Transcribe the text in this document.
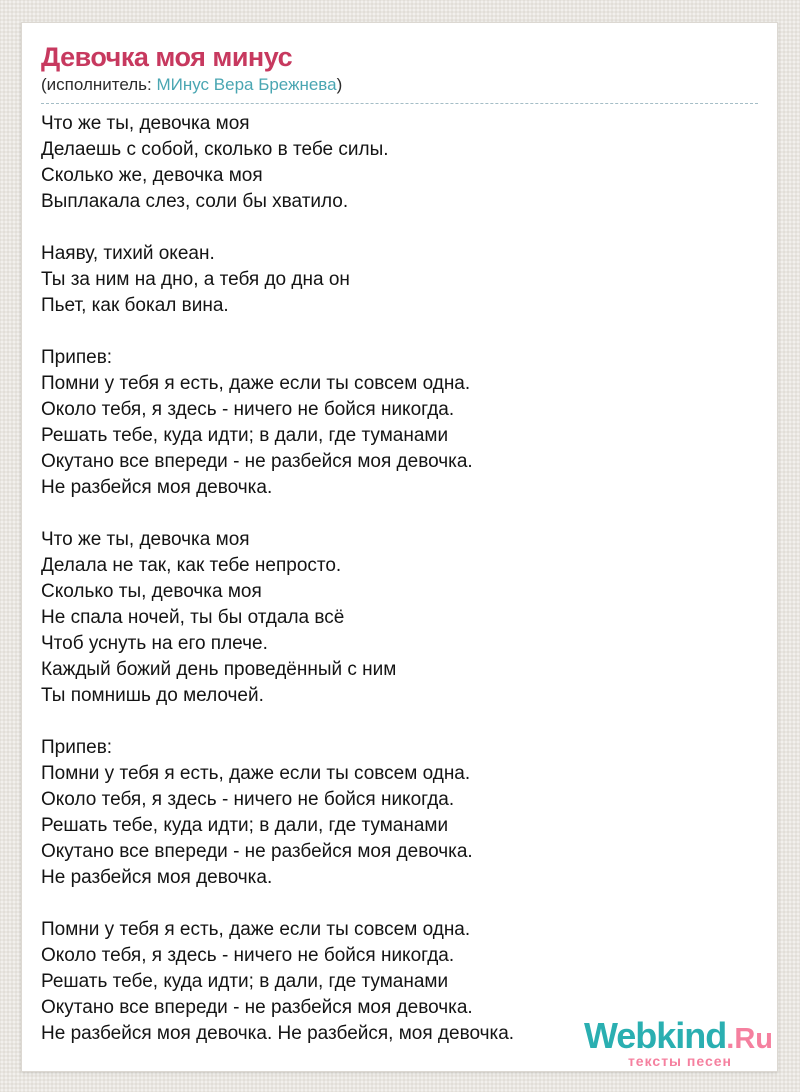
Девочка моя минус
(исполнитель: МИнус Вера Брежнева)

Что же ты, девочка моя
Делаешь с собой, сколько в тебе силы.
Сколько же, девочка моя
Выплакала слез, соли бы хватило.

Наяву, тихий океан.
Ты за ним на дно, а тебя до дна он
Пьет, как бокал вина.

Припев:
Помни у тебя я есть, даже если ты совсем одна.
Около тебя, я здесь - ничего не бойся никогда.
Решать тебе, куда идти; в дали, где туманами
Окутано все впереди - не разбейся моя девочка.
Не разбейся моя девочка.

Что же ты, девочка моя
Делала не так, как тебе непросто.
Сколько ты, девочка моя
Не спала ночей, ты бы отдала всё
Чтоб уснуть на его плече.
Каждый божий день проведённый с ним
Ты помнишь до мелочей.

Припев:
Помни у тебя я есть, даже если ты совсем одна.
Около тебя, я здесь - ничего не бойся никогда.
Решать тебе, куда идти; в дали, где туманами
Окутано все впереди - не разбейся моя девочка.
Не разбейся моя девочка.

Помни у тебя я есть, даже если ты совсем одна.
Около тебя, я здесь - ничего не бойся никогда.
Решать тебе, куда идти; в дали, где туманами
Окутано все впереди - не разбейся моя девочка.
Не разбейся моя девочка. Не разбейся, моя девочка.	Webkind.Ru
тексты песен
